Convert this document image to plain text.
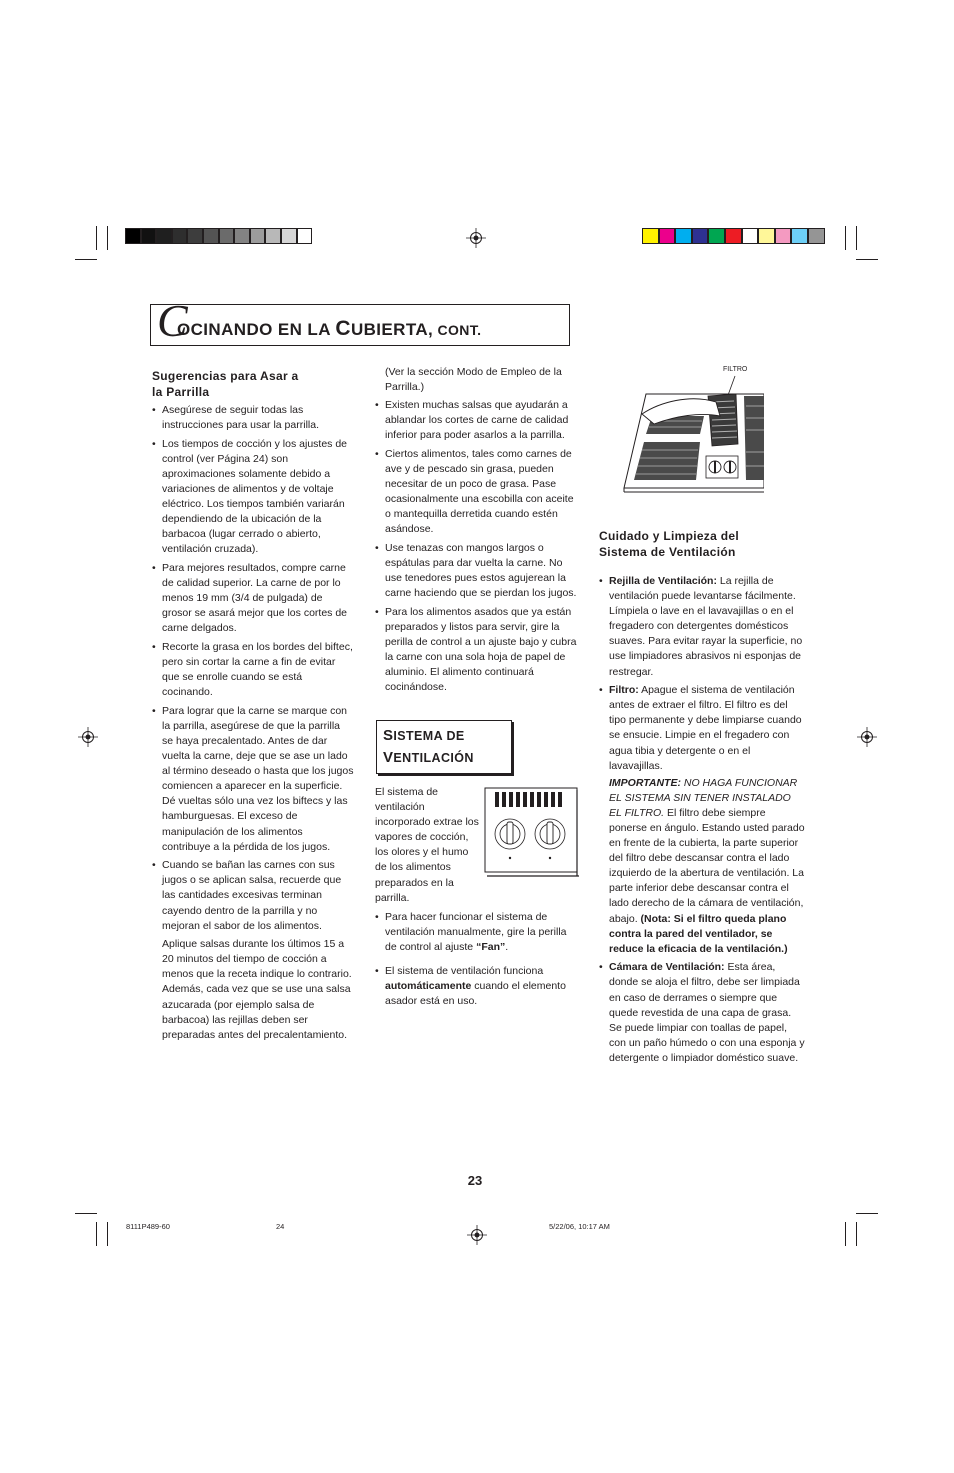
C
OCINANDO EN LA CUBIERTA, CONT.
Sugerencias para Asar a
la Parrilla
• Asegúrese de seguir todas las instrucciones para usar la parrilla.
• Los tiempos de cocción y los ajustes de control (ver Página 24) son aproximaciones solamente debido a variaciones de alimentos y de voltaje eléctrico. Los tiempos también variarán dependiendo de la ubicación de la barbacoa (lugar cerrado o abierto, ventilación cruzada).
• Para mejores resultados, compre carne de calidad superior. La carne de por lo menos 19 mm (3/4 de pulgada) de grosor se asará mejor que los cortes de carne delgados.
• Recorte la grasa en los bordes del biftec, pero sin cortar la carne a fin de evitar que se enrolle cuando se está cocinando.
• Para lograr que la carne se marque con la parrilla, asegúrese de que la parrilla se haya precalentado. Antes de dar vuelta la carne, deje que se ase un lado al término deseado o hasta que los jugos comiencen a aparecer en la superficie. Dé vueltas sólo una vez los biftecs y las hamburguesas. El exceso de manipulación de los alimentos contribuye a la pérdida de los jugos.
• Cuando se bañan las carnes con sus jugos o se aplican salsa, recuerde que las cantidades excesivas terminan cayendo dentro de la parrilla y no mejoran el sabor de los alimentos.

Aplique salsas durante los últimos 15 a 20 minutos del tiempo de cocción a menos que la receta indique lo contrario. Además, cada vez que se use una salsa azucarada (por ejemplo salsa de barbacoa) las rejillas deben ser preparadas antes del precalentamiento.

(Ver la sección Modo de Empleo de la Parrilla.)

• Existen muchas salsas que ayudarán a ablandar los cortes de carne de calidad inferior para poder asarlos a la parrilla.
• Ciertos alimentos, tales como carnes de ave y de pescado sin grasa, pueden necesitar de un poco de grasa. Pase ocasionalmente una escobilla con aceite o mantequilla derretida cuando estén asándose.
• Use tenazas con mangos largos o espátulas para dar vuelta la carne. No use tenedores pues estos agujerean la carne haciendo que se pierdan los jugos.
• Para los alimentos asados que ya están preparados y listos para servir, gire la perilla de control a un ajuste bajo y cubra la carne con una sola hoja de papel de aluminio. El alimento continuará cocinándose.
SISTEMA DE
VENTILACIÓN

El sistema de ventilación incorporado extrae los vapores de cocción, los olores y el humo de los alimentos preparados en la parrilla.

• Para hacer funcionar el sistema de ventilación manualmente, gire la perilla de control al ajuste “Fan”.
• El sistema de ventilación funciona automáticamente cuando el elemento asador está en uso.
FILTRO
Cuidado y Limpieza del
Sistema de Ventilación
• Rejilla de Ventilación: La rejilla de ventilación puede levantarse fácilmente. Límpiela o lave en el lavavajillas o en el fregadero con detergentes domésticos suaves. Para evitar rayar la superficie, no use limpiadores abrasivos ni esponjas de restregar.
• Filtro: Apague el sistema de ventilación antes de extraer el filtro. El filtro es del tipo permanente y debe limpiarse cuando se ensucie. Limpie en el fregadero con agua tibia y detergente o en el lavavajillas.

IMPORTANTE: NO HAGA FUNCIONAR EL SISTEMA SIN TENER INSTALADO EL FILTRO. El filtro debe siempre ponerse en ángulo. Estando usted parado en frente de la cubierta, la parte superior del filtro debe descansar contra el lado izquierdo de la abertura de ventilación. La parte inferior debe descansar contra el lado derecho de la cámara de ventilación, abajo. (Nota: Si el filtro queda plano contra la pared del ventilador, se reduce la eficacia de la ventilación.)

• Cámara de Ventilación: Esta área, donde se aloja el filtro, debe ser limpiada en caso de derrames o siempre que quede revestida de una capa de grasa. Se puede limpiar con toallas de papel, con un paño húmedo o con una esponja y detergente o limpiador doméstico suave.
23
8111P489-60	24	5/22/06, 10:17 AM
